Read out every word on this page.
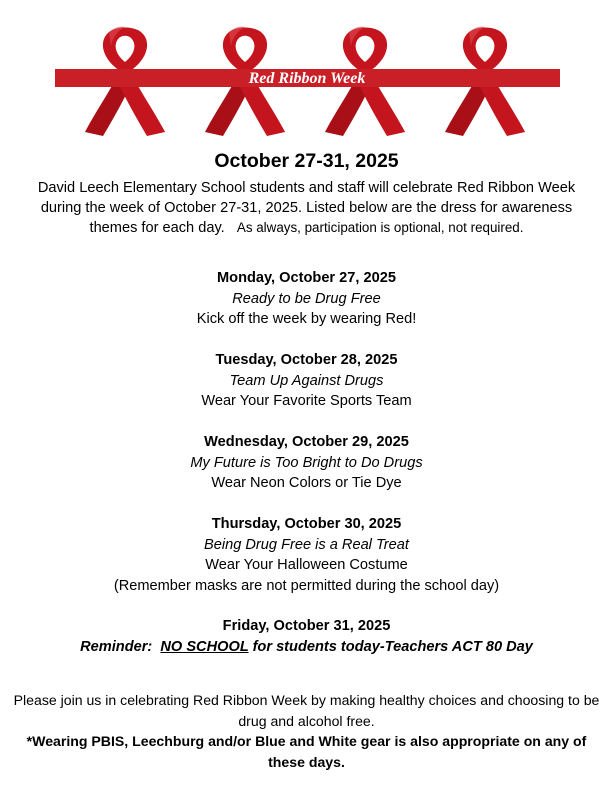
Red Ribbon Week
October 27-31, 2025
David Leech Elementary School students and staff will celebrate Red Ribbon Week during the week of October 27-31, 2025. Listed below are the dress for awareness themes for each day. As always, participation is optional, not required.
Monday, October 27, 2025
Ready to be Drug Free
Kick off the week by wearing Red!
Tuesday, October 28, 2025
Team Up Against Drugs
Wear Your Favorite Sports Team
Wednesday, October 29, 2025
My Future is Too Bright to Do Drugs
Wear Neon Colors or Tie Dye
Thursday, October 30, 2025
Being Drug Free is a Real Treat
Wear Your Halloween Costume
(Remember masks are not permitted during the school day)
Friday, October 31, 2025
Reminder: NO SCHOOL for students today-Teachers ACT 80 Day
Please join us in celebrating Red Ribbon Week by making healthy choices and choosing to be drug and alcohol free.
*Wearing PBIS, Leechburg and/or Blue and White gear is also appropriate on any of these days.
